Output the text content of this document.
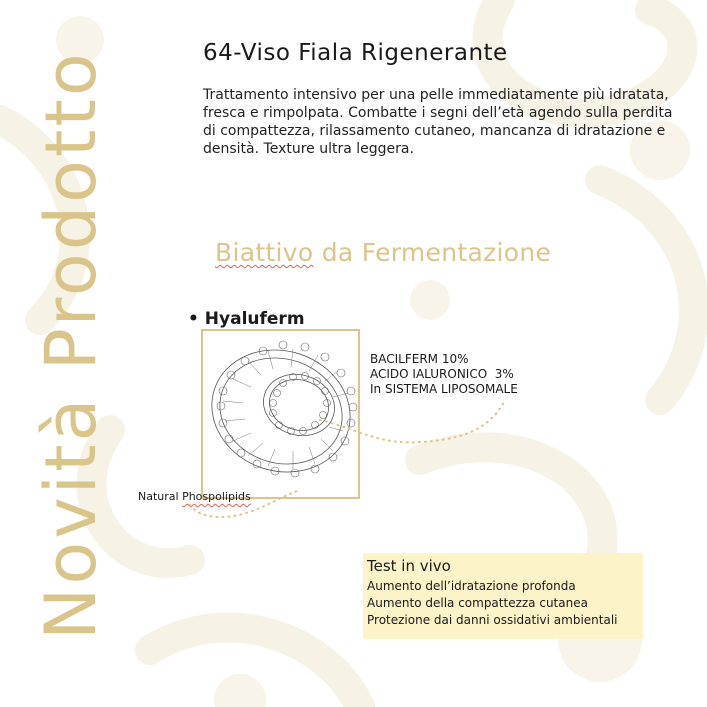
Novità Prodotto	64-Viso Fiala Rigenerante
Trattamento intensivo per una pelle immediatamente più idratata, fresca e rimpolpata. Combatte i segni dell’età agendo sulla perdita di compattezza, rilassamento cutaneo, mancanza di idratazione e densità. Texture ultra leggera.
Biattivo da Fermentazione
• Hyaluferm
BACILFERM 10%
ACIDO IALURONICO  3%
In SISTEMA LIPOSOMALE
Natural Phospolipids
Test in vivo
Aumento dell’idratazione profonda
Aumento della compattezza cutanea
Protezione dai danni ossidativi ambientali
